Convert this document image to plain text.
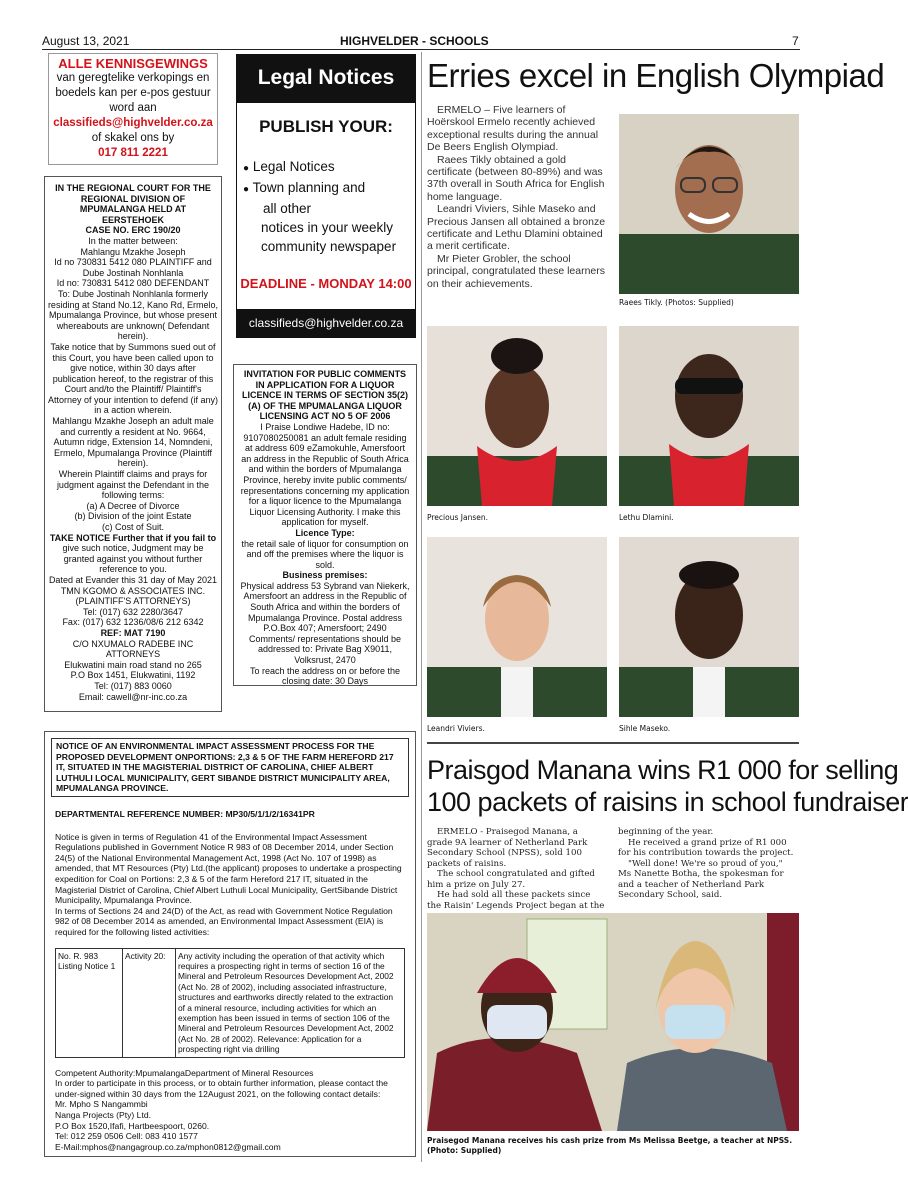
August 13, 2021	HIGHVELDER - SCHOOLS	7
ALLE KENNISGEWINGS
van geregtelike verkopings en
boedels kan per e-pos gestuur
word aan
classifieds@highvelder.co.za
of skakel ons by
017 811 2221
Legal Notices
PUBLISH YOUR:
● Legal Notices
● Town planning and
all other
notices in your weekly
community newspaper
DEADLINE - MONDAY 14:00
classifieds@highvelder.co.za
IN THE REGIONAL COURT FOR THE
REGIONAL DIVISION OF
MPUMALANGA HELD AT
EERSTEHOEK
CASE NO. ERC 190/20
In the matter between:
Mahlangu Mzakhe Joseph
Id no 730831 5412 080 PLAINTIFF and
Dube Jostinah Nonhlanla
Id no: 730831 5412 080 DEFENDANT
To: Dube Jostinah Nonhlanla formerly
residing at Stand No.12, Kano Rd, Ermelo,
Mpumalanga Province, but whose present
whereabouts are unknown( Defendant
herein).
Take notice that by Summons sued out of
this Court, you have been called upon to
give notice, within 30 days after
publication hereof, to the registrar of this
Court and/to the Plaintiff/ Plaintiff's
Attorney of your intention to defend (if any)
in a action wherein.
Mahlangu Mzakhe Joseph an adult male
and currently a resident at No. 9664,
Autumn ridge, Extension 14, Nomndeni,
Ermelo, Mpumalanga Province (Plaintiff
herein).
Wherein Plaintiff claims and prays for
judgment against the Defendant in the
following terms:
(a) A Decree of Divorce
(b) Division of the joint Estate
(c) Cost of Suit.
TAKE NOTICE Further that if you fail to
give such notice, Judgment may be
granted against you without further
reference to you.
Dated at Evander this 31 day of May 2021
TMN KGOMO & ASSOCIATES INC.
(PLAINTIFF'S ATTORNEYS)
Tel: (017) 632 2280/3647
Fax: (017) 632 1236/08/6 212 6342
REF: MAT 7190
C/O NXUMALO RADEBE INC
ATTORNEYS
Elukwatini main road stand no 265
P.O Box 1451, Elukwatini, 1192
Tel: (017) 883 0060
Email: cawell@nr-inc.co.za
INVITATION FOR PUBLIC COMMENTS
IN APPLICATION FOR A LIQUOR
LICENCE IN TERMS OF SECTION 35(2)
(A) OF THE MPUMALANGA LIQUOR
LICENSING ACT NO 5 OF 2006
I Praise Londiwe Hadebe, ID no:
9107080250081 an adult female residing
at address 609 eZamokuhle, Amersfoort
an address in the Republic of South Africa
and within the borders of Mpumalanga
Province, hereby invite public comments/
representations concerning my application
for a liquor licence to the Mpumalanga
Liquor Licensing Authority. I make this
application for myself.
Licence Type:
the retail sale of liquor for consumption on
and off the premises where the liquor is
sold.
Business premises:
Physical address 53 Sybrand van Niekerk,
Amersfoort an address in the Republic of
South Africa and within the borders of
Mpumalanga Province. Postal address
P.O.Box 407; Amersfoort; 2490
Comments/ representations should be
addressed to: Private Bag X9011,
Volksrust, 2470
To reach the address on or before the
closing date: 30 Days
NOTICE OF AN ENVIRONMENTAL IMPACT ASSESSMENT PROCESS FOR THE PROPOSED DEVELOPMENT ONPORTIONS: 2,3 & 5 OF THE FARM HEREFORD 217 IT, SITUATED IN THE MAGISTERIAL DISTRICT OF CAROLINA, CHIEF ALBERT LUTHULI LOCAL MUNICIPALITY, GERT SIBANDE DISTRICT MUNICIPALITY AREA, MPUMALANGA PROVINCE.
DEPARTMENTAL REFERENCE NUMBER: MP30/5/1/1/2/16341PR
Notice is given in terms of Regulation 41 of the Environmental Impact Assessment Regulations published in Government Notice R 983 of 08 December 2014, under Section 24(5) of the National Environmental Management Act, 1998 (Act No. 107 of 1998) as amended, that MT Resources (Pty) Ltd.(the applicant) proposes to undertake a prospecting expedition for Coal on Portions: 2,3 & 5 of the farm Hereford 217 IT, situated in the Magisterial District of Carolina, Chief Albert Luthuli Local Municipality, GertSibande District Municipality, Mpumalanga Province.
In terms of Sections 24 and 24(D) of the Act, as read with Government Notice Regulation 982 of 08 December 2014 as amended, an Environmental Impact Assessment (EIA) is required for the following listed activities:
No. R. 983 Listing Notice 1	Activity 20:	Any activity including the operation of that activity which requires a prospecting right in terms of section 16 of the Mineral and Petroleum Resources Development Act, 2002 (Act No. 28 of 2002), including associated infrastructure, structures and earthworks directly related to the extraction of a mineral resource, including activities for which an exemption has been issued in terms of section 106 of the Mineral and Petroleum Resources Development Act, 2002 (Act No. 28 of 2002). Relevance: Application for a prospecting right via drilling
Competent Authority:MpumalangaDepartment of Mineral Resources
In order to participate in this process, or to obtain further information, please contact the
under-signed within 30 days from the 12August 2021, on the following contact details:
Mr. Mpho S Nangammbi
Nanga Projects (Pty) Ltd.
P.O Box 1520,Ifafi, Hartbeespoort, 0260.
Tel: 012 259 0506 Cell: 083 410 1577
E-Mail:mphos@nangagroup.co.za/mphon0812@gmail.com
Erries excel in English Olympiad

ERMELO – Five learners of Hoërskool Ermelo recently achieved exceptional results during the annual De Beers English Olympiad.

Raees Tikly obtained a gold certificate (between 80-89%) and was 37th overall in South Africa for English home language.

Leandri Viviers, Sihle Maseko and Precious Jansen all obtained a bronze certificate and Lethu Dlamini obtained a merit certificate.

Mr Pieter Grobler, the school principal, congratulated these learners on their achievements.

Raees Tikly. (Photos: Supplied)
Precious Jansen.	Lethu Dlamini.
Leandri Viviers.	Sihle Maseko.
Praisgod Manana wins R1 000 for selling
100 packets of raisins in school fundraiser

ERMELO - Praisegod Manana, a grade 9A learner of Netherland Park Secondary School (NPSS), sold 100 packets of raisins.

The school congratulated and gifted him a prize on July 27.

He had sold all these packets since the Raisin' Legends Project began at the

beginning of the year.

He received a grand prize of R1 000 for his contribution towards the project.

"Well done! We're so proud of you," Ms Nanette Botha, the spokesman for and a teacher of Netherland Park Secondary School, said.

Praisegod Manana receives his cash prize from Ms Melissa Beetge, a teacher at NPSS. (Photo: Supplied)
